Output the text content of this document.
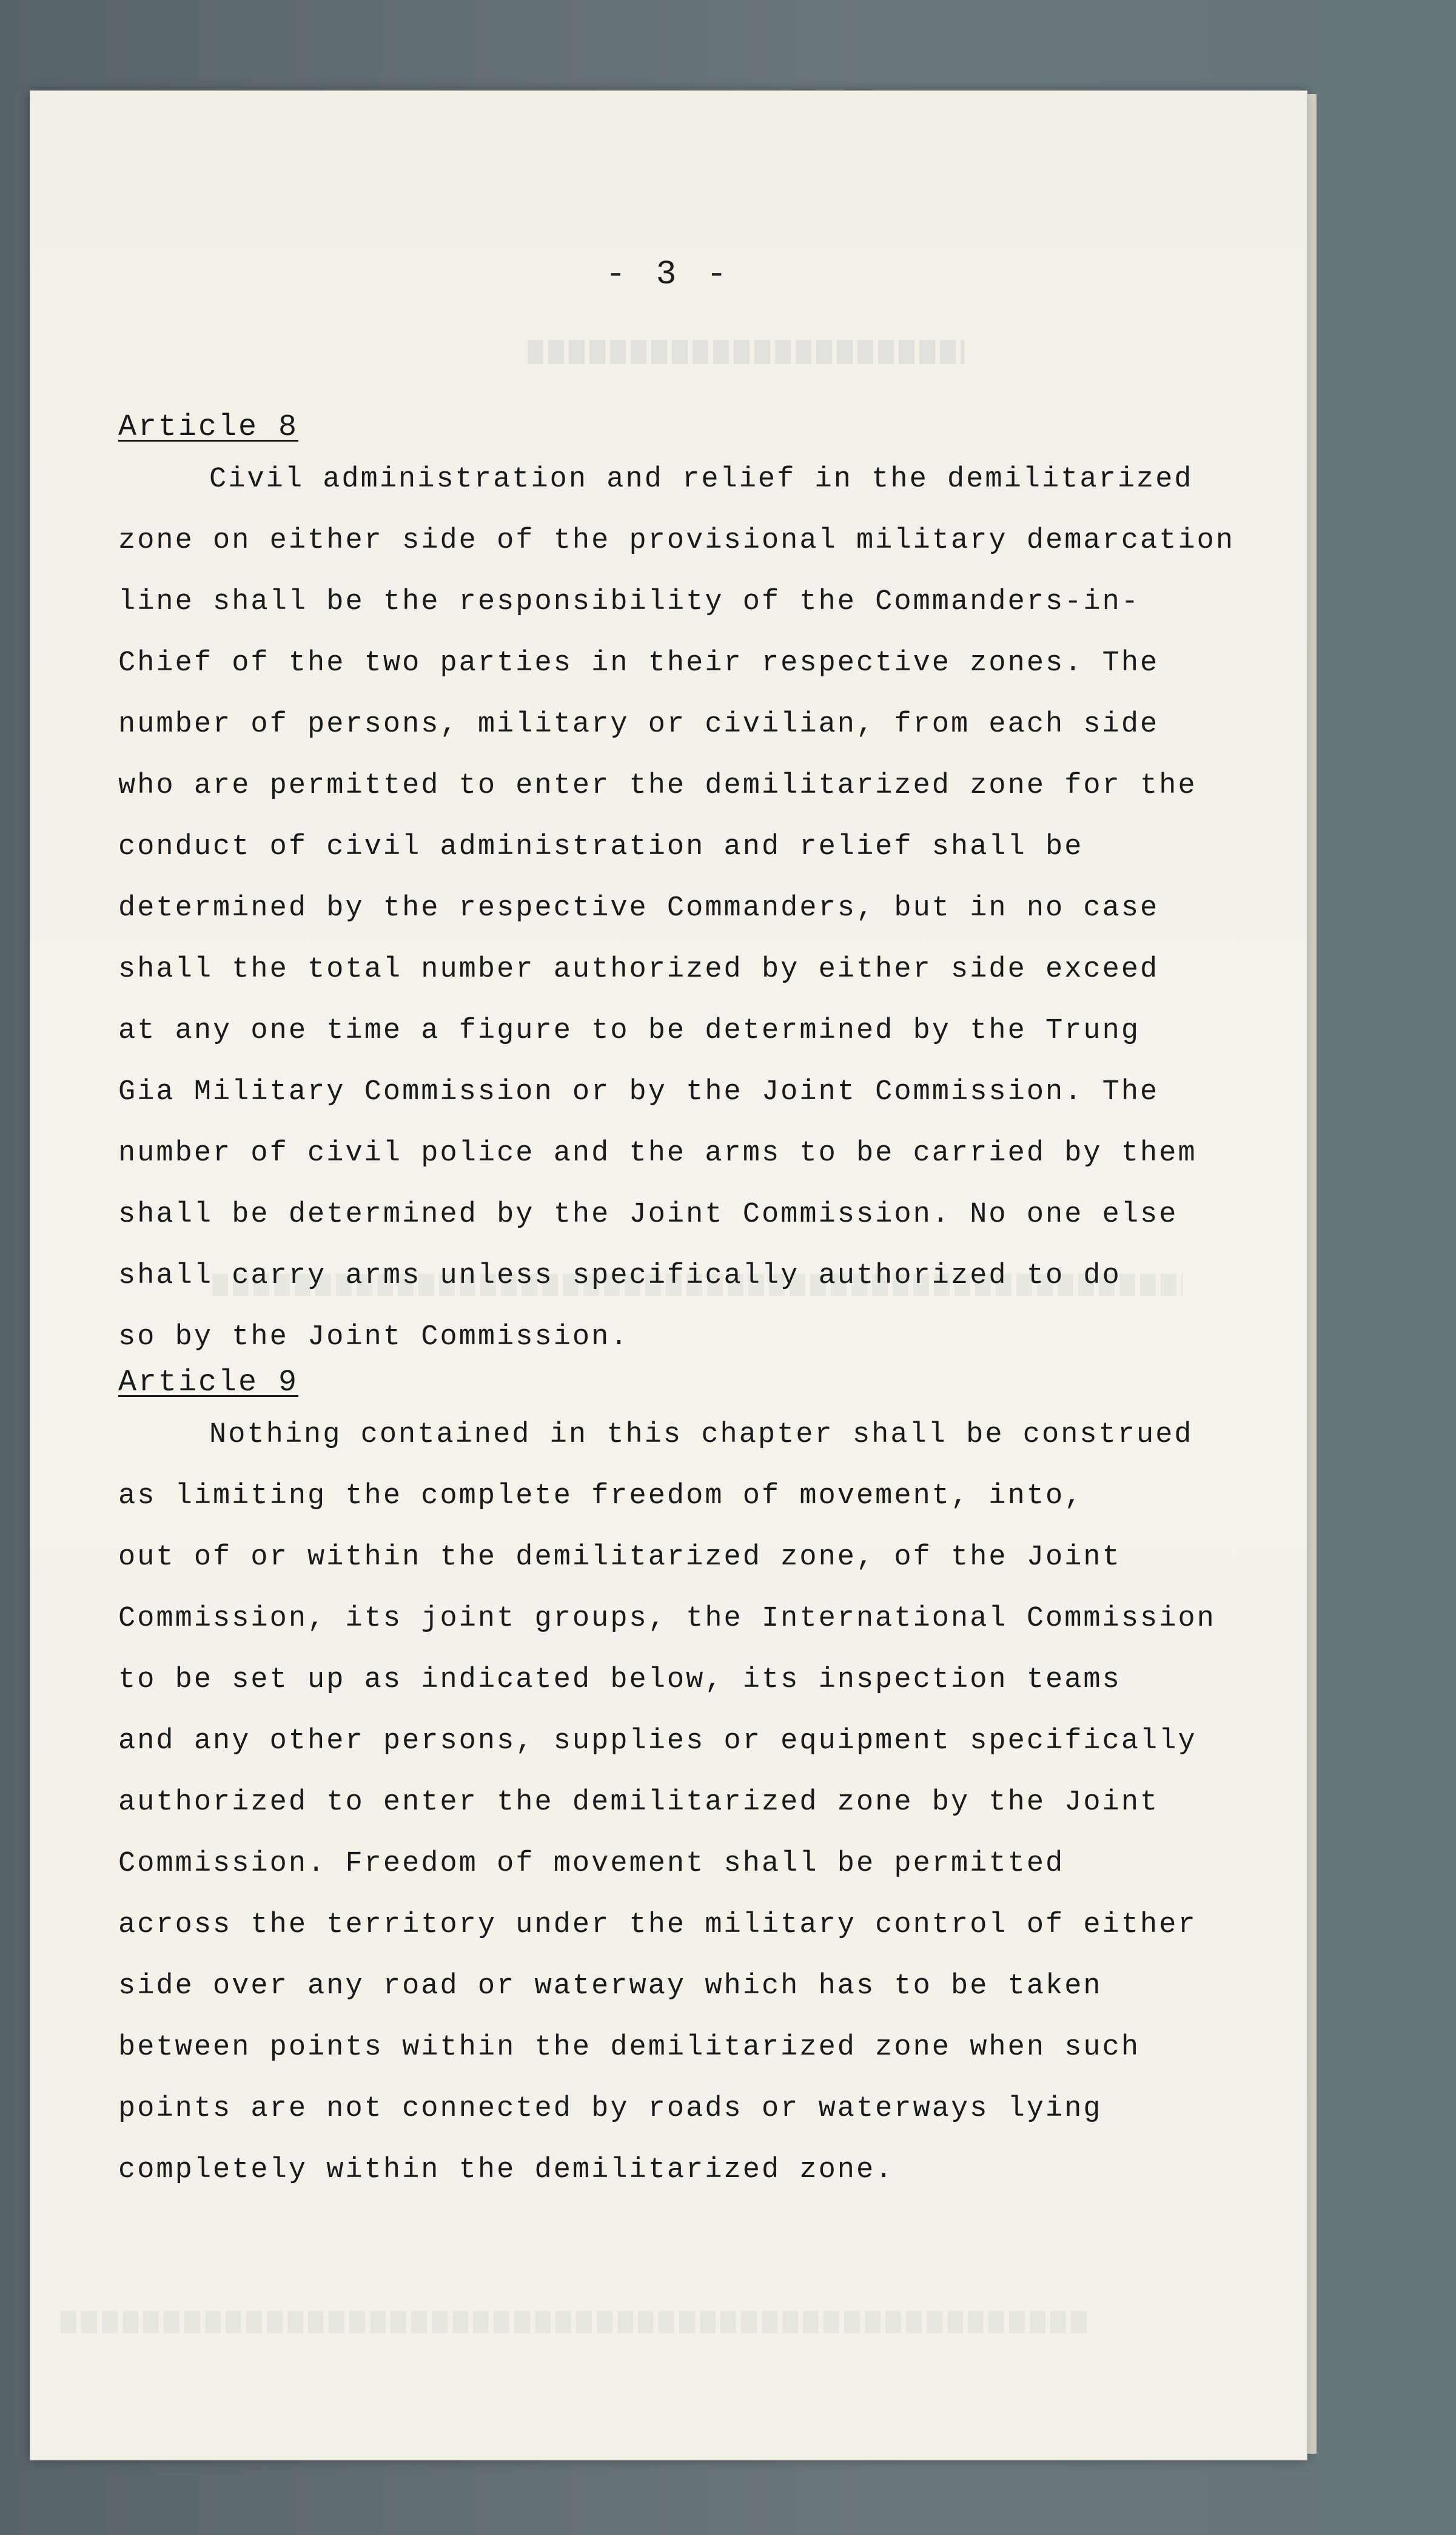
- 3 -
Article 8
Civil administration and relief in the demilitarized
zone on either side of the provisional military demarcation
line shall be the responsibility of the Commanders-in-
Chief of the two parties in their respective zones. The
number of persons, military or civilian, from each side
who are permitted to enter the demilitarized zone for the
conduct of civil administration and relief shall be
determined by the respective Commanders, but in no case
shall the total number authorized by either side exceed
at any one time a figure to be determined by the Trung
Gia Military Commission or by the Joint Commission. The
number of civil police and the arms to be carried by them
shall be determined by the Joint Commission. No one else
shall carry arms unless specifically authorized to do
so by the Joint Commission.
Article 9
Nothing contained in this chapter shall be construed
as limiting the complete freedom of movement, into,
out of or within the demilitarized zone, of the Joint
Commission, its joint groups, the International Commission
to be set up as indicated below, its inspection teams
and any other persons, supplies or equipment specifically
authorized to enter the demilitarized zone by the Joint
Commission. Freedom of movement shall be permitted
across the territory under the military control of either
side over any road or waterway which has to be taken
between points within the demilitarized zone when such
points are not connected by roads or waterways lying
completely within the demilitarized zone.
